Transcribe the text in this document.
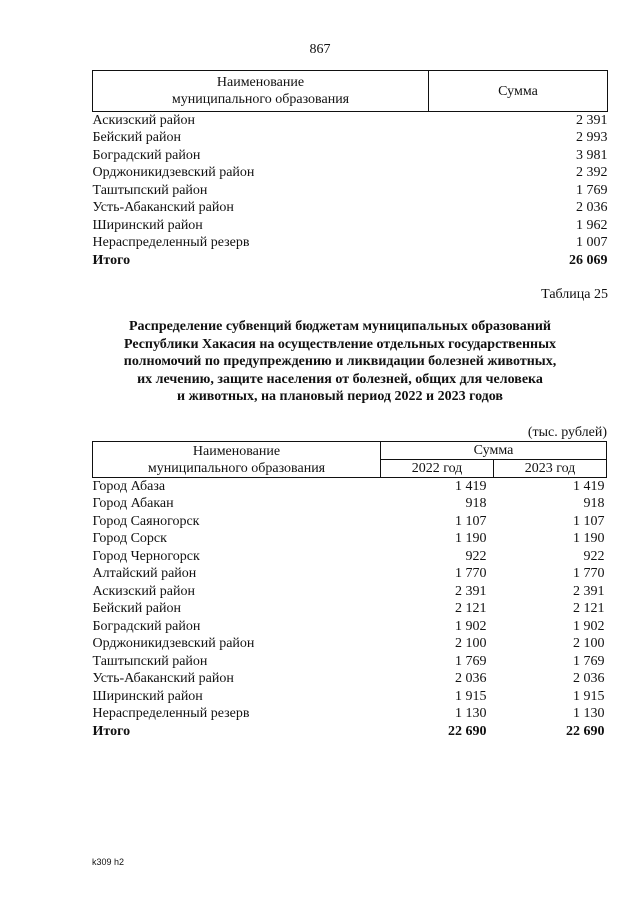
867
Наименование
муниципального образования	Сумма
Аскизский район	2 391
Бейский район	2 993
Боградский район	3 981
Орджоникидзевский район	2 392
Таштыпский район	1 769
Усть-Абаканский район	2 036
Ширинский район	1 962
Нераспределенный резерв	1 007
Итого	26 069
Таблица 25
Распределение субвенций бюджетам муниципальных образований
Республики Хакасия на осуществление отдельных государственных
полномочий по предупреждению и ликвидации болезней животных,
их лечению, защите населения от болезней, общих для человека
и животных, на плановый период 2022 и 2023 годов
(тыс. рублей)
Наименование
муниципального образования	Сумма	
	2022 год	2023 год
Город Абаза	1 419	1 419
Город Абакан	918	918
Город Саяногорск	1 107	1 107
Город Сорск	1 190	1 190
Город Черногорск	922	922
Алтайский район	1 770	1 770
Аскизский район	2 391	2 391
Бейский район	2 121	2 121
Боградский район	1 902	1 902
Орджоникидзевский район	2 100	2 100
Таштыпский район	1 769	1 769
Усть-Абаканский район	2 036	2 036
Ширинский район	1 915	1 915
Нераспределенный резерв	1 130	1 130
Итого	22 690	22 690
k309 h2
